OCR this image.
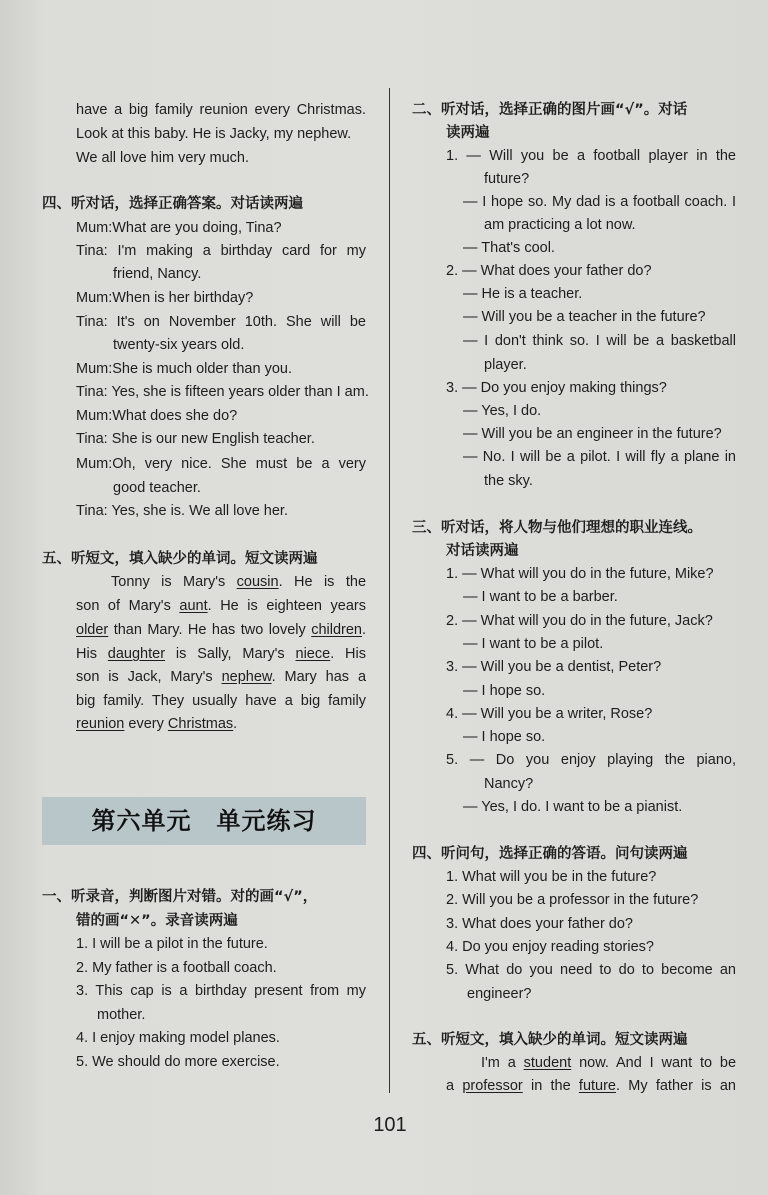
have a big family reunion every Christmas.
Look at this baby. He is Jacky, my nephew.
We all love him very much.
四、听对话，选择正确答案。对话读两遍
Mum:What are you doing, Tina?
Tina: I'm making a birthday card for my
friend, Nancy.
Mum:When is her birthday?
Tina: It's on November 10th. She will be
twenty-six years old.
Mum:She is much older than you.
Tina: Yes, she is fifteen years older than I am.
Mum:What does she do?
Tina: She is our new English teacher.
Mum:Oh, very nice. She must be a very
good teacher.
Tina: Yes, she is. We all love her.
五、听短文，填入缺少的单词。短文读两遍
Tonny is Mary's cousin. He is the
son of Mary's aunt. He is eighteen years
older than Mary. He has two lovely children.
His daughter is Sally, Mary's niece. His
son is Jack, Mary's nephew. Mary has a
big family. They usually have a big family
reunion every Christmas.
第六单元　单元练习
一、听录音，判断图片对错。对的画“√”，
错的画“✕”。录音读两遍
1. I will be a pilot in the future.
2. My father is a football coach.
3. This cap is a birthday present from my
mother.
4. I enjoy making model planes.
5. We should do more exercise.
二、听对话，选择正确的图片画“√”。对话
读两遍
1. — Will you be a football player in the
future?
— I hope so. My dad is a football coach. I
am practicing a lot now.
— That's cool.
2. — What does your father do?
— He is a teacher.
— Will you be a teacher in the future?
— I don't think so. I will be a basketball
player.
3. — Do you enjoy making things?
— Yes, I do.
— Will you be an engineer in the future?
— No. I will be a pilot. I will fly a plane in
the sky.
三、听对话，将人物与他们理想的职业连线。
对话读两遍
1. — What will you do in the future, Mike?
— I want to be a barber.
2. — What will you do in the future, Jack?
— I want to be a pilot.
3. — Will you be a dentist, Peter?
— I hope so.
4. — Will you be a writer, Rose?
— I hope so.
5. — Do you enjoy playing the piano,
Nancy?
— Yes, I do. I want to be a pianist.
四、听问句，选择正确的答语。问句读两遍
1. What will you be in the future?
2. Will you be a professor in the future?
3. What does your father do?
4. Do you enjoy reading stories?
5. What do you need to do to become an
engineer?
五、听短文，填入缺少的单词。短文读两遍
I'm a student now. And I want to be
a professor in the future. My father is an
101
